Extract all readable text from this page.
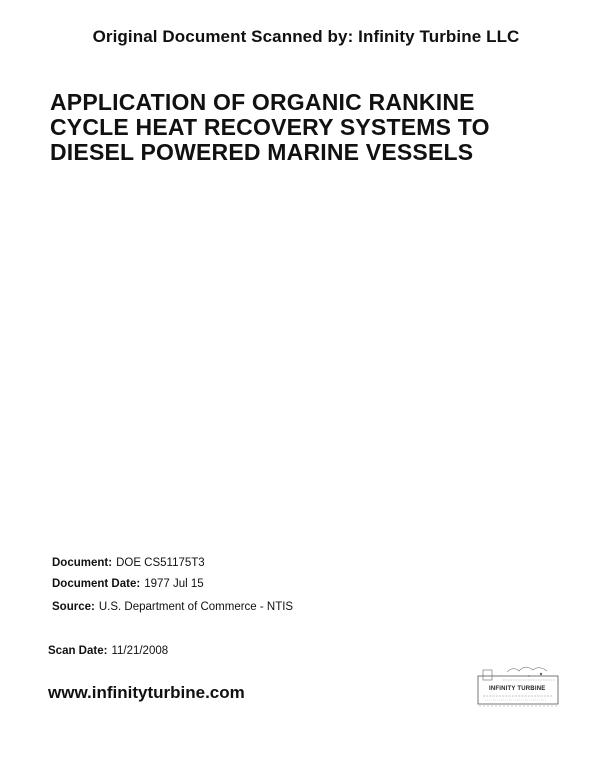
Original Document Scanned by: Infinity Turbine LLC
APPLICATION OF ORGANIC RANKINE
CYCLE HEAT RECOVERY SYSTEMS TO
DIESEL POWERED MARINE VESSELS
Document: DOE CS51175T3
Document Date: 1977 Jul 15
Source: U.S. Department of Commerce - NTIS
Scan Date: 11/21/2008
www.infinityturbine.com	INFINITY TURBINE
